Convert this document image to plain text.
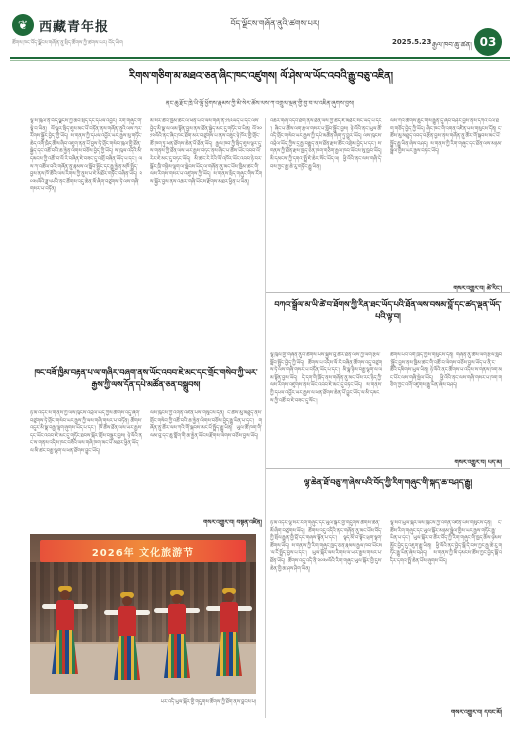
❦ 西藏青年报	བོད་ལྗོངས་གཞོན་ནུའི་ཚགས་པར།
ཚོགས་ཁང་བོད་ལྗོངས་གཞོན་ནུ་སྲིད་ཚོགས་ཀྱི་ཚགས་པར། བོད་ཡིག	2025.5.23 རྒྱལ་ཁབ་ཆུ་ཚན། 03
རིགས་གཅིག་མ་མཐའ་ཅན་ཞིང་ཁང་འཛུགས། ལོ་ཤེས་ལ་ཡོང་འབའི་རྒྱུ་བཅུ་འཇིན།
ནང་ཆུ་རྫོང་ཁྲེ་ཡི་ལྷོ་ཕྱོགས་རྣམས་ཀྱི་མི་སེར་ཚོས་ལས་ཀ་འགྲུལ་ལྡན་གྱི་བྱ་བ་ལ་འཇིན་ཞུགས་བྱས།
ལྷ་ས་ཁུལ་ནི་བོད་ལྗོངས་ཀྱི་ཆབ་སྲིད་དང་དཔལ་འབྱོར། རིག་གཞུང་གི་ལྟེ་བ་ཡིན། ལོ་ལྟར་སྲིད་ཇུས་མང་པོ་བཏོན་ནས་གཞོན་ནུའི་ལས་ཀར་རོགས་སྐྱོར་བྱེད་ཀྱི་ཡོད། ས་གནས་ཀྱི་དཔལ་འབྱོར་ཡར་རྒྱས་སུ་གཏོང་ཆེད་འགོ་ཁྲིད་ཚོས་ཞིབ་འཇུག་ནན་པོ་བྱས་ཏེ་གྲོང་གསེབ་ཁུལ་གྱི་ཐོན་སྐྱེད་དང་འཚོ་བའི་ཆ་རྐྱེན་ལེགས་བཅོས་བྱེད་ཀྱི་ཡོད། ས་ཁུལ་འདིའི་མི་དམངས་ཀྱི་འཚོ་བ་ལོ་རེ་བཞིན་ཇེ་བཟང་དུ་འགྲོ་བཞིན་ཡོད་པ་དང་། ལས་ཀ་འཚོལ་བའི་གཞོན་ནུ་རྣམས་ལ་སློབ་སྦྱོང་དང་རྒྱུ་རྐྱེན་མཁོ་སྤྲོད་བྱས་ནས་ཁོ་ཚོའི་ལས་རིགས་ཀྱི་ནུས་པ་ཇེ་མཐོར་གཏོང་བཞིན་ཡོད། ༢༠༢༥ལོའི་ཟླ་༥པའི་ནང་ཚོགས་འདུ་ཆེན་མོ་ཞིག་བཙུགས་ཏེ་ལས་གཞི་གསར་པ་བཏོན།
མི་སེར་ཚོའི་ཁྱིམ་ཚང་ལ་ཕན་པའི་ལས་གཞི་ནི་༡༣༢ཡོད་པ་དང་ལས་བྱེད་མི་སྣ་ལ་ལམ་སྟོན་བྱས་ནས་ཐོན་སྐྱེད་མང་དུ་གཏོང་བ་ཡིན། ལོ་༢༠༡༢ལོའི་ནང་ཞིང་ཁང་ཐོག་མར་བཙུགས་པ་ནས་བཟུང་ཉེ་ཁོར་གྱི་གྲོང་ཚོ་ཁག་ཏུ་ཕན་ཐོགས་ཆེན་པོ་ཐོན་ཡོད། རྒྱལ་ཁབ་ཀྱི་སྲིད་ཇུས་ལྟར་དུ་ས་གནས་ཀྱི་ཐོན་ལས་ཡར་རྒྱས་བཏང་ནས་ཞིང་པ་ཚོས་ཡོང་འབབ་ལོ་རེར་ཇེ་མང་དུ་བཏང་ཡོད། མི་ཚང་རེ་རེའི་ལོ་འཁོར་ཡོང་འབབ་ཉེ་བར་སྒོར་ཁྲི་གཉིས་ལྷག་ལ་སླེབས་ཡོད་ལ་གཞོན་ནུ་མང་པོས་ཁྱིམ་ཚང་གི་ལས་རིགས་གསར་པ་འཛུགས་ཀྱི་ཡོད། ས་གནས་སྲིད་གཞུང་གིས་རོགས་སྐྱོར་བྱས་ནས་འཆར་གཞི་ཡོངས་རྫོགས་མཐར་ཕྱིན་པ་ཡིན།
འཆར་གཞི་འདིའི་ཐོག་ནས་ཐོན་ལས་ཀྱི་ཚད་ཇེ་མཐོར་སོང་ཡོད་པ་དང་། ཞིང་པ་ཚོས་ལག་རྩལ་གསར་པ་སློབ་སྦྱོང་བྱས། ཉེ་ལོའི་ནང་ཡུལ་ཚོ་འདི་གྲོང་གསེབ་ཡར་རྒྱས་ཀྱི་དཔེ་མཚོན་ཞིག་ཏུ་གྱུར་ཡོད། ལས་ཁུངས་འབྲེལ་ཡོད་ཀྱིས་དྲ་རྒྱ་བརྒྱུད་ནས་ཐོན་རྫས་ཚོང་འགྲེམ་བྱེད་པ་དང་། ས་གནས་ཀྱི་ཐོན་རྫས་ཁྱད་ཅན་ཁག་གཅིག་རྒྱལ་ཁབ་ཡོངས་སུ་ཁྱབ་ཡོད། མི་དམངས་ཀྱི་དགའ་སྤྲོ་ཇེ་ཆེར་སོང་ཡོད་ལ། ཕྱི་ལོའི་ནང་ལས་གཞི་དེ་བས་ཀྱང་རྒྱ་ཆེ་རུ་གཏོང་རྒྱུ་ཡིན།
ལས་ཀའི་ཚོགས་ཆུང་གིས་རྒྱུན་དུ་ཞིབ་བཤེར་བྱས་ནས་དཀའ་ངལ་ཐག་གཅོད་བྱེད་ཀྱི་ཡོད། ཞིང་ཁང་གི་འགན་འཛིན་པས་གསུངས་དོན། ང་ཚོས་མུ་མཐུད་འབད་བརྩོན་བྱས་ནས་གཞོན་ནུ་ཚོར་གོ་སྐབས་མང་པོ་སྤྲོད་རྒྱུ་ཡིན་ཞེས་བཤད། ས་གནས་ཀྱི་རིག་གཞུང་དང་ཐོན་ལས་མཉམ་སྦྲེལ་གྱིས་ཡར་རྒྱས་བཏང་ཡོད།
གསར་འགྱུར་བ། ཚེ་རིང་།
བཀའ་སྒྲོལ་མ་ཡི་ཚེ་བ་ཐོགས་ཀྱི་རིན་ཐང་ཡོད་པའི་ཐོན་ལས་བསམ་བློ་དང་ཚད་ལྡན་ཡོད་པའི་ལྟ་བ།
ལྷ་ཁུལ་གྱི་གཞོན་ནུའི་ཚོགས་པས་སྐྱེས་བུ་ཚོར་ཐོན་ལས་ཀྱི་ལག་རྩལ་སློབ་སྦྱོང་བྱེད་ཀྱི་ཡོད། ཚོགས་པ་འདིས་ལོ་རེ་བཞིན་ཚོགས་འདུ་བཙུགས་ཏེ་ལས་གཞི་གསར་པ་བཏོན་ཡོད་པ་དང་། མི་སྣ་ཉིས་བརྒྱ་ལྷག་ལ་ལམ་སྟོན་བྱས་ཡོད། དེ་དག་གི་ཁྲོད་ནས་གཞོན་ནུ་མང་པོས་རང་ཉིད་ཀྱི་ལས་རིགས་འཛུགས་ནས་ཡོང་འབབ་ཇེ་མང་དུ་བཏང་ཡོད། ས་གནས་ཀྱི་དཔལ་འབྱོར་ཡར་རྒྱས་ལ་ཕན་ཐོགས་ཆེན་པོ་བྱུང་ཡོད་ལ་མི་དམངས་ཀྱི་འཚོ་བ་ཇེ་བཟང་དུ་སོང་།
ཚོགས་པའི་འགོ་ཁྲིད་ཀྱིས་གསུངས་དོན། གཞོན་ནུ་ཚོས་ལག་རྩལ་སློབ་སྦྱོང་བྱས་ནས་ཁྱིམ་ཚང་གི་འཚོ་བ་ལེགས་བཅོས་བྱས་ཡོད་པ་ནི་ང་ཚོའི་དམིགས་ཡུལ་ཡིན། ཉེ་ལོའི་ནང་ཚོགས་པ་འདིས་ས་གནས་ཁག་མང་པོར་ལས་གཞི་སྤེལ་ཡོད། ཕྱི་ལོའི་ནང་ལས་གཞི་གསར་པ་ཁག་གཅིག་ཀྱང་འགོ་འཛུགས་རྒྱུ་ཡིན་ཞེས་བཤད།
གསར་འགྱུར་བ། པད་མ།
ཁང་བཟོ་ཁྱིམ་བརྟན་པ་ལ་གཞིར་བཞག་ནས་ཡོང་འབབ་ཇེ་མང་དང་གྲོང་གསེབ་ཀྱི་ཡར་རྒྱས་ཀྱི་ལས་དོན་དཔེ་མཚོན་ཅན་བསྒྲུབས།
ཉི་མ་འདིར་ས་གནས་ཀྱི་ལས་ཁུངས་འབྲེལ་ཡོད་ཀྱིས་ཚོགས་འདུ་ཞིག་བཙུགས་ཏེ་གྲོང་གསེབ་ཡར་རྒྱས་ཀྱི་ལས་གཞི་གསར་པ་བཏོན། ཚོགས་འདུར་མི་སྣ་བརྒྱ་ལྷག་ཞུགས་ཡོད་པ་དང་། ཁོ་ཚོས་ཐོན་ལས་ཡར་རྒྱས་དང་ཡོང་འབབ་ཇེ་མང་དུ་གཏོང་ཐབས་སྐོར་གྲོས་བསྡུར་བྱས། ཉེ་ལོའི་ནང་ས་གནས་འདིས་ཁང་བཟོའི་ལས་གཞི་ཁག་མང་པོ་མཐར་ཕྱིན་ཡོད་ལ་མི་ཚང་བརྒྱ་ལྷག་ལ་ཕན་ཐོགས་བྱུང་ཡོད།
ལས་ཁུངས་ཀྱི་འགན་འཛིན་པས་གསུངས་དོན། ང་ཚོས་མུ་མཐུད་ནས་གྲོང་གསེབ་ཀྱི་འཚོ་བའི་ཆ་རྐྱེན་ལེགས་བཅོས་བྱེད་རྒྱུ་ཡིན་པ་དང་། གཞོན་ནུ་ཚོར་ལས་ཀའི་གོ་སྐབས་མང་པོ་སྤྲོད་རྒྱུ་ཡིན། ཡུལ་ཚོ་ཁག་གི་ལམ་བུ་དང་ཆུ་གློག་གི་ཆ་རྐྱེན་ཡོངས་རྫོགས་ལེགས་བཅོས་བྱས་ཡོད།
གསར་འགྱུར་བ། བསྟན་འཛིན།
ལྷ་ཆེན་ཐོ་བཅུ་ཀ་ཞེས་པའི་བོད་ཀྱི་རིག་གཞུང་གི་སྐད་ཆ་བཤད་རྒྱུ།
ཉི་མ་འདིར་ལྷ་སར་རིག་གཞུང་དང་ཡུལ་སྐོར་གྱི་གདུགས་ཚོགས་ཆེན་མོ་ཞིག་བཙུགས་ཡོད། ཚོགས་འདུ་འདིའི་ནང་གཞོན་ནུ་མང་པོས་བོད་ཀྱི་སྲོལ་རྒྱུན་གྱི་བྲོ་དང་གཞས་སྟོན་པ་དང་། ལྟད་མོ་བ་སྟོང་ཕྲག་ལྷག་ཚོགས་ཡོད། ས་གནས་ཀྱི་རིག་གཞུང་ཁྱད་ཅན་རྣམས་རྒྱལ་ཁབ་ཡོངས་ལ་ངོ་སྤྲོད་བྱས་པ་དང་། ཡུལ་སྐོར་ལས་རིགས་ལ་ཡར་རྒྱས་གསར་པ་ཐོན་ཡོད། ཚོགས་འདུ་འདི་ནི་༢༠༢༦ལོའི་རིག་གཞུང་ཡུལ་སྐོར་གྱི་དུས་ཆེན་གྱི་ཆ་ཤས་ཤིག་ཡིན།
ལྷ་སའི་ཡུལ་སྐོར་ལས་ཁུངས་ཀྱི་འགན་འཛིན་པས་གསུངས་དོན། ང་ཚོས་རིག་གཞུང་དང་ཡུལ་སྐོར་མཉམ་སྦྲེལ་གྱིས་ཡར་རྒྱས་གཏོང་རྒྱུ་ཡིན་པ་དང་། ཡུལ་སྐོར་བ་ཚོར་བོད་ཀྱི་རིག་གཞུང་གི་ཁྱད་ཆོས་ཉམས་མྱོང་བྱེད་དུ་འཇུག་རྒྱུ་ཡིན། ཕྱི་ལོའི་ནང་བྱེད་སྒོ་དེ་བས་ཀྱང་རྒྱ་ཆེ་རུ་གཏོང་རྒྱུ་ཡིན་ཞེས་བཤད། ས་གནས་ཀྱི་མི་དམངས་ཚོས་ཀྱང་བྱེད་སྒོ་འདིར་དགའ་སྤྲོ་ཆེན་པོས་ཞུགས་ཡོད།
གསར་འགྱུར་བ། དབང་མོ།
2026年 文化旅游节
པར་འདི་ཡུལ་སྐོར་གྱི་གདུགས་ཚོགས་ཀྱི་ཐོག་ནས་བླངས་པ།
